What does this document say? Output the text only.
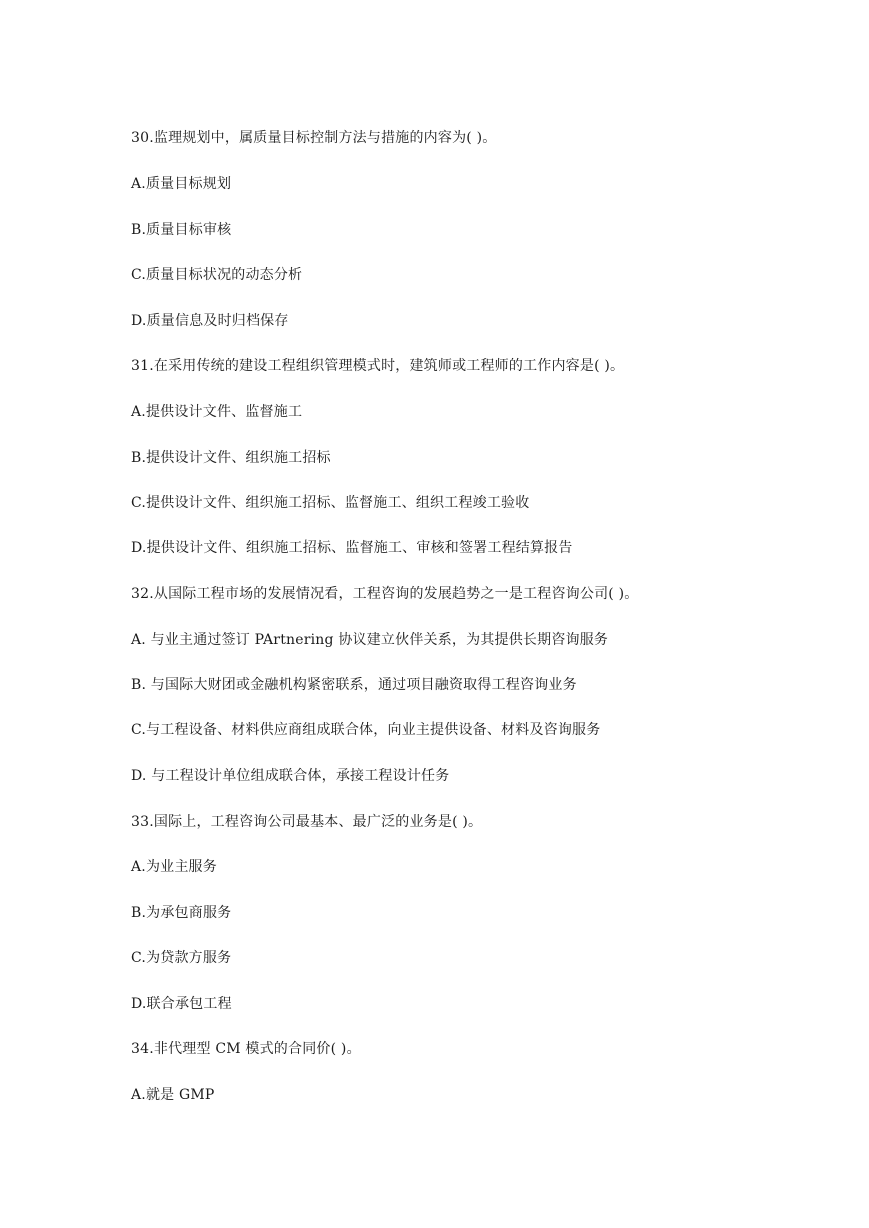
30.监理规划中，属质量目标控制方法与措施的内容为( )。
A.质量目标规划
B.质量目标审核
C.质量目标状况的动态分析
D.质量信息及时归档保存
31.在采用传统的建设工程组织管理模式时，建筑师或工程师的工作内容是( )。
A.提供设计文件、监督施工
B.提供设计文件、组织施工招标
C.提供设计文件、组织施工招标、监督施工、组织工程竣工验收
D.提供设计文件、组织施工招标、监督施工、审核和签署工程结算报告
32.从国际工程市场的发展情况看，工程咨询的发展趋势之一是工程咨询公司( )。
A. 与业主通过签订 PArtnering 协议建立伙伴关系，为其提供长期咨询服务
B. 与国际大财团或金融机构紧密联系，通过项目融资取得工程咨询业务
C.与工程设备、材料供应商组成联合体，向业主提供设备、材料及咨询服务
D. 与工程设计单位组成联合体，承接工程设计任务
33.国际上，工程咨询公司最基本、最广泛的业务是( )。
A.为业主服务
B.为承包商服务
C.为贷款方服务
D.联合承包工程
34.非代理型 CM 模式的合同价( )。
A.就是 GMP
